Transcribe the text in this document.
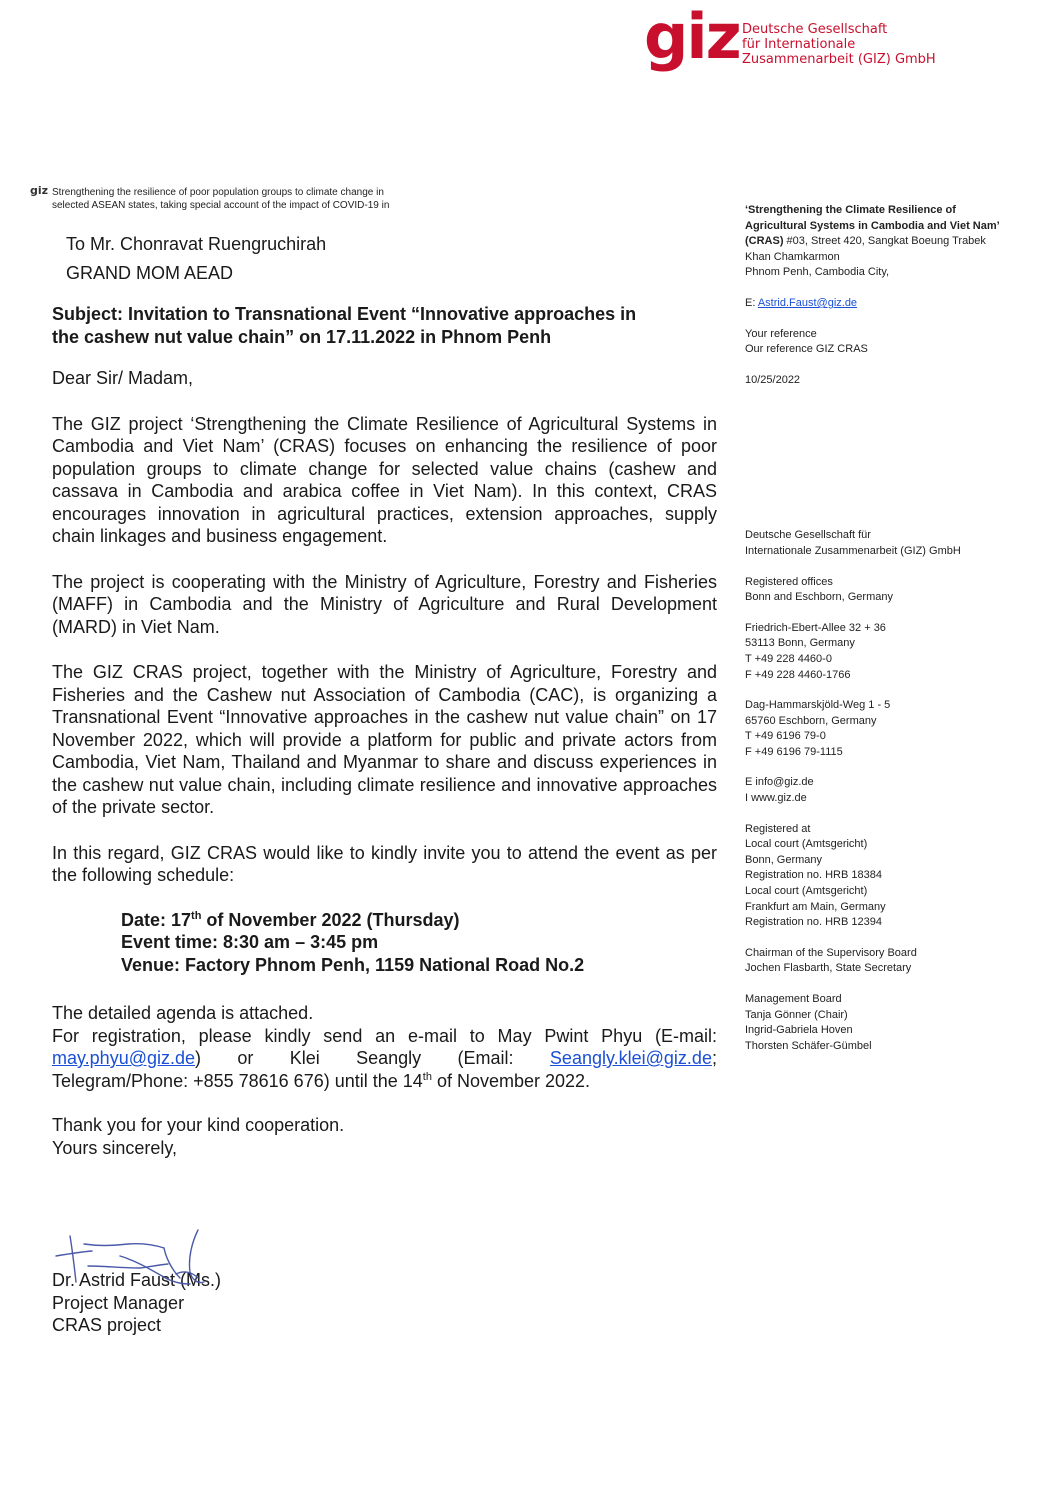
giz Deutsche Gesellschaft
für Internationale
Zusammenarbeit (GIZ) GmbH
giz Strengthening the resilience of poor population groups to climate change in
selected ASEAN states, taking special account of the impact of COVID-19 in	‘Strengthening the Climate Resilience of

Agricultural Systems in Cambodia and Viet Nam’

(CRAS) #03, Street 420, Sangkat Boeung Trabek

Khan Chamkarmon

Phnom Penh, Cambodia City,

E: Astrid.Faust@giz.de

Your reference

Our reference GIZ CRAS

10/25/2022

Deutsche Gesellschaft für

Internationale Zusammenarbeit (GIZ) GmbH

Registered offices

Bonn and Eschborn, Germany

Friedrich-Ebert-Allee 32 + 36

53113 Bonn, Germany

T +49 228 4460-0

F +49 228 4460-1766

Dag-Hammarskjöld-Weg 1 - 5

65760 Eschborn, Germany

T +49 6196 79-0

F +49 6196 79-1115

E info@giz.de

I www.giz.de

Registered at

Local court (Amtsgericht)

Bonn, Germany

Registration no. HRB 18384

Local court (Amtsgericht)

Frankfurt am Main, Germany

Registration no. HRB 12394

Chairman of the Supervisory Board

Jochen Flasbarth, State Secretary

Management Board

Tanja Gönner (Chair)

Ingrid-Gabriela Hoven

Thorsten Schäfer-Gümbel

To Mr. Chonravat Ruengruchirah

GRAND MOM AEAD

Subject: Invitation to Transnational Event “Innovative approaches in

the cashew nut value chain” on 17.11.2022 in Phnom Penh

Dear Sir/ Madam,

The GIZ project ‘Strengthening the Climate Resilience of Agricultural Systems in Cambodia and Viet Nam’ (CRAS) focuses on enhancing the resilience of poor population groups to climate change for selected value chains (cashew and cassava in Cambodia and arabica coffee in Viet Nam). In this context, CRAS encourages innovation in agricultural practices, extension approaches, supply chain linkages and business engagement.

The project is cooperating with the Ministry of Agriculture, Forestry and Fisheries (MAFF) in Cambodia and the Ministry of Agriculture and Rural Development (MARD) in Viet Nam.

The GIZ CRAS project, together with the Ministry of Agriculture, Forestry and Fisheries and the Cashew nut Association of Cambodia (CAC), is organizing a Transnational Event “Innovative approaches in the cashew nut value chain” on 17 November 2022, which will provide a platform for public and private actors from Cambodia, Viet Nam, Thailand and Myanmar to share and discuss experiences in the cashew nut value chain, including climate resilience and innovative approaches of the private sector.

In this regard, GIZ CRAS would like to kindly invite you to attend the event as per the following schedule:

Date: 17th of November 2022 (Thursday)

Event time: 8:30 am – 3:45 pm

Venue: Factory Phnom Penh, 1159 National Road No.2

The detailed agenda is attached.

For registration, please kindly send an e-mail to May Pwint Phyu (E-mail:

may.phyu@giz.de) or Klei Seangly (Email: Seangly.klei@giz.de;

Telegram/Phone: +855 78616 676) until the 14th of November 2022.

Thank you for your kind cooperation.

Yours sincerely,

Dr. Astrid Faust (Ms.)

Project Manager

CRAS project
